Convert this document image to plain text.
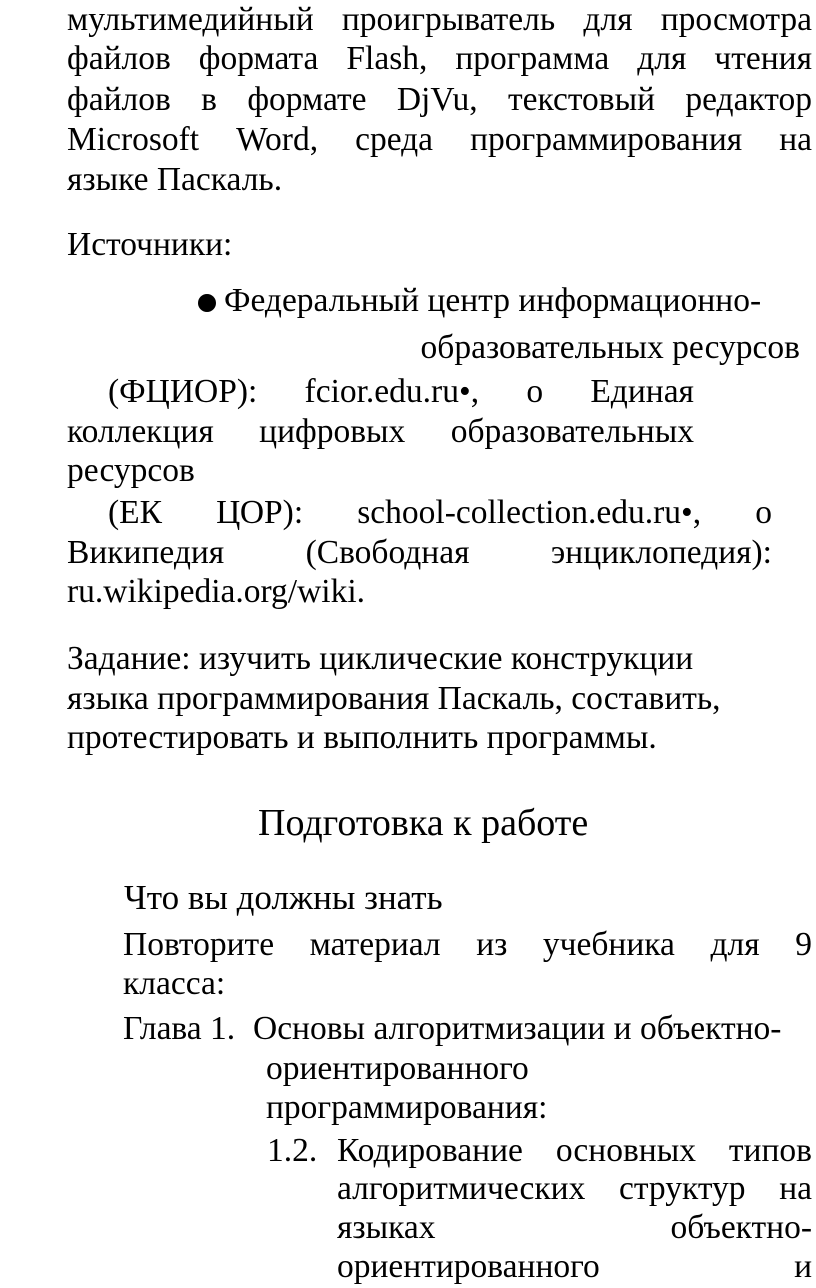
мультимедийный проигрыватель для просмотра
файлов формата Flash, программа для чтения
файлов в формате DjVu, текстовый редактор
Microsoft Word, среда программирования на
языке Паскаль.
Источники:
Федеральный центр информационно-
образовательных ресурсов
(ФЦИОР): fcior.edu.ru•, o Единая
коллекция цифровых образовательных
ресурсов
(ЕК ЦОР): school-collection.edu.ru•, o
Википедия (Свободная энциклопедия):
ru.wikipedia.org/wiki.
Задание: изучить циклические конструкции
языка программирования Паскаль, составить,
протестировать и выполнить программы.
Подготовка к работе
Что вы должны знать
Повторите материал из учебника для 9
класса:
Глава 1. Основы алгоритмизации и объектно-
ориентированного
программирования:
1.2. Кодирование основных типов
алгоритмических структур на
языках	объектно-
ориентированного	и
